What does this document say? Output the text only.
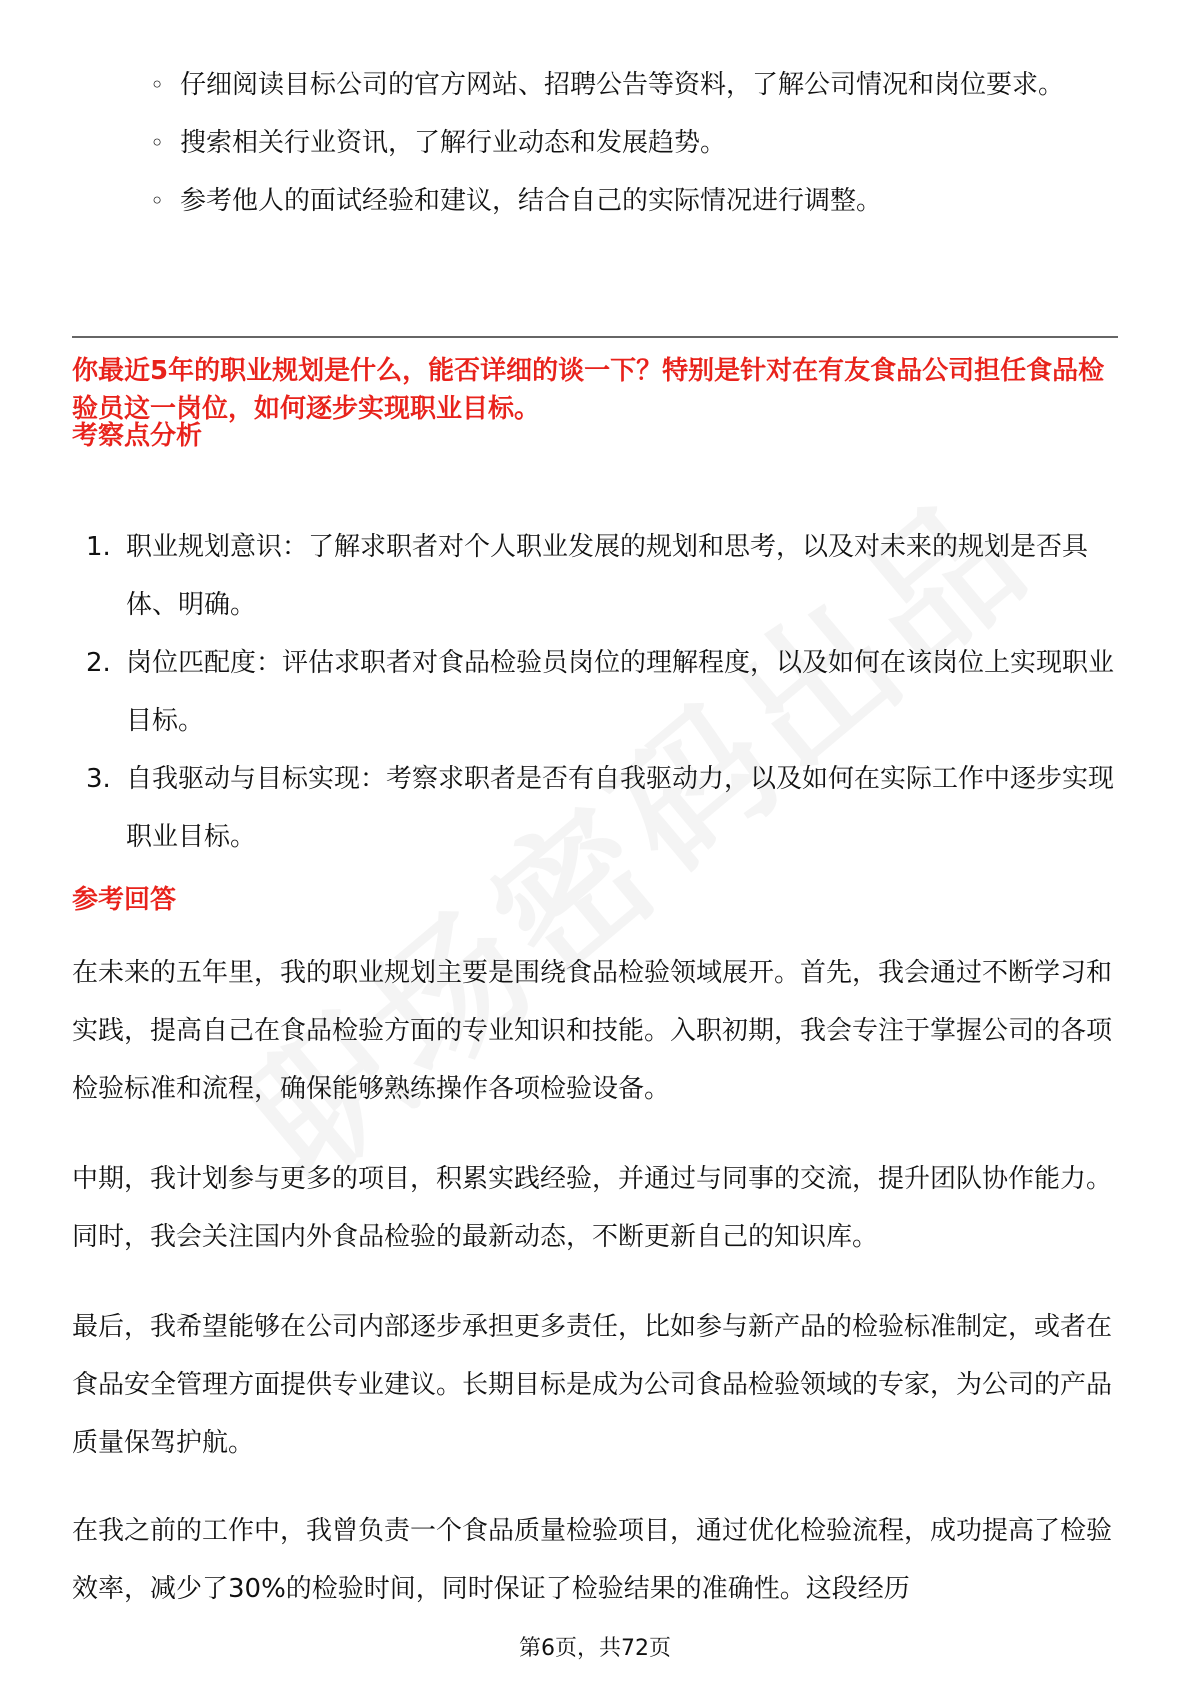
◦ 仔细阅读目标公司的官方网站、招聘公告等资料，了解公司情况和岗位要求。
◦ 搜索相关行业资讯，了解行业动态和发展趋势。
◦ 参考他人的面试经验和建议，结合自己的实际情况进行调整。
你最近5年的职业规划是什么，能否详细的谈一下？特别是针对在有友食品公司担任食品检验员这一岗位，如何逐步实现职业目标。
考察点分析
1. 职业规划意识：了解求职者对个人职业发展的规划和思考，以及对未来的规划是否具体、明确。
2. 岗位匹配度：评估求职者对食品检验员岗位的理解程度，以及如何在该岗位上实现职业目标。
3. 自我驱动与目标实现：考察求职者是否有自我驱动力，以及如何在实际工作中逐步实现职业目标。
参考回答

在未来的五年里，我的职业规划主要是围绕食品检验领域展开。首先，我会通过不断学习和实践，提高自己在食品检验方面的专业知识和技能。入职初期，我会专注于掌握公司的各项检验标准和流程，确保能够熟练操作各项检验设备。

中期，我计划参与更多的项目，积累实践经验，并通过与同事的交流，提升团队协作能力。同时，我会关注国内外食品检验的最新动态，不断更新自己的知识库。

最后，我希望能够在公司内部逐步承担更多责任，比如参与新产品的检验标准制定，或者在食品安全管理方面提供专业建议。长期目标是成为公司食品检验领域的专家，为公司的产品质量保驾护航。

在我之前的工作中，我曾负责一个食品质量检验项目，通过优化检验流程，成功提高了检验效率，减少了30%的检验时间，同时保证了检验结果的准确性。这段经历

第6页，共72页
